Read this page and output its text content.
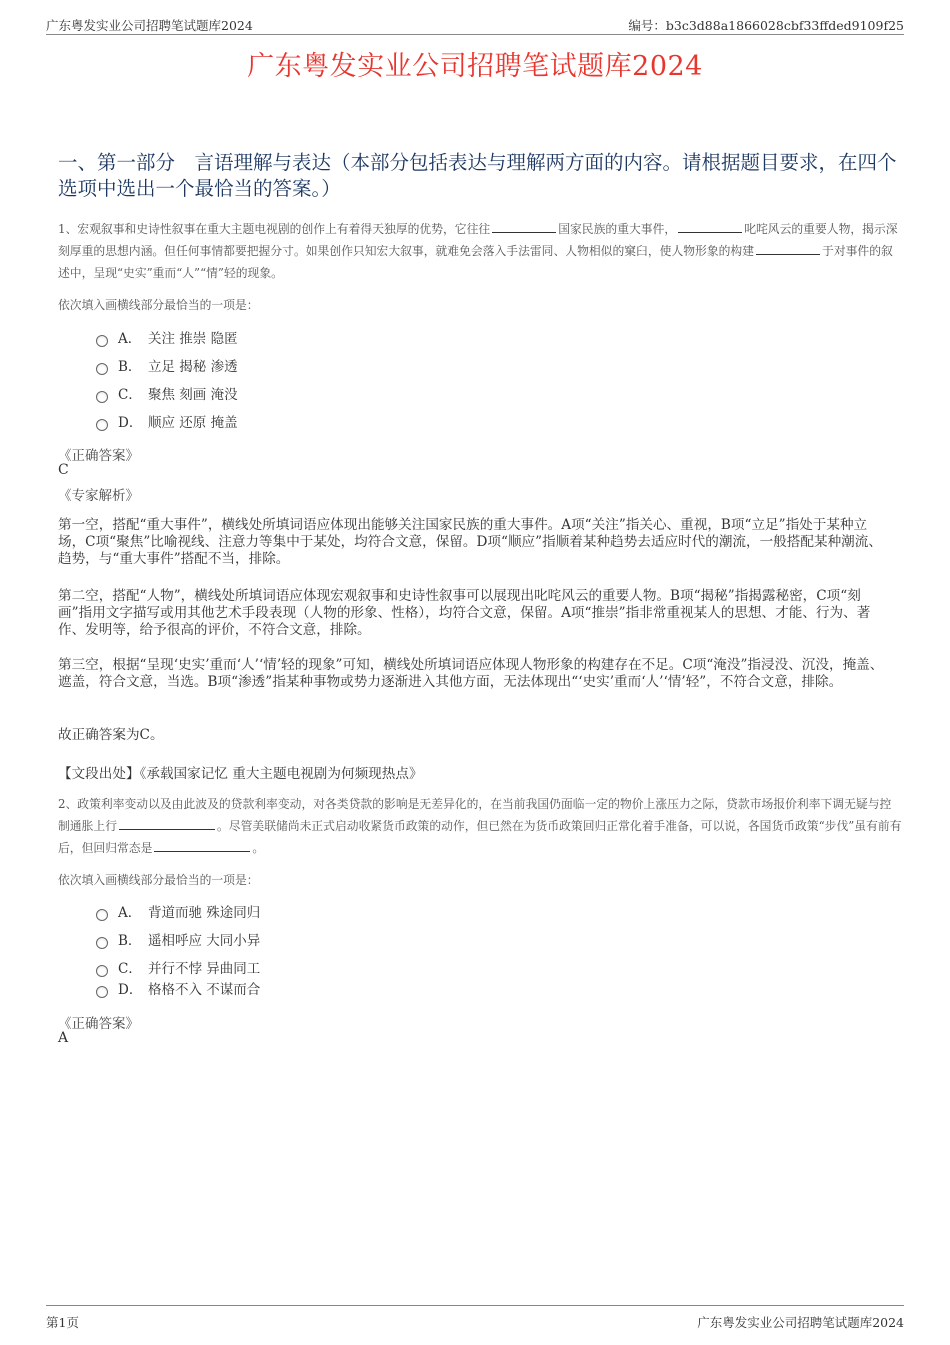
广东粤发实业公司招聘笔试题库2024	编号：b3c3d88a1866028cbf33ffded9109f25
广东粤发实业公司招聘笔试题库2024
一、第一部分　言语理解与表达（本部分包括表达与理解两方面的内容。请根据题目要求，在四个选项中选出一个最恰当的答案。）
1、宏观叙事和史诗性叙事在重大主题电视剧的创作上有着得天独厚的优势，它往往	国家民族的重大事件，	叱咤风云的重要人物，揭示深刻厚重的思想内涵。但任何事情都要把握分寸。如果创作只知宏大叙事，就难免会落入手法雷同、人物相似的窠臼，使人物形象的构建	于对事件的叙述中，呈现“史实”重而“人”“情”轻的现象。
依次填入画横线部分最恰当的一项是：
A． 关注 推崇 隐匿
B． 立足 揭秘 渗透
C． 聚焦 刻画 淹没
D． 顺应 还原 掩盖
《正确答案》
C
《专家解析》
第一空，搭配“重大事件”，横线处所填词语应体现出能够关注国家民族的重大事件。A项“关注”指关心、重视，B项“立足”指处于某种立场，C项“聚焦”比喻视线、注意力等集中于某处，均符合文意，保留。D项“顺应”指顺着某种趋势去适应时代的潮流，一般搭配某种潮流、趋势，与“重大事件”搭配不当，排除。
第二空，搭配“人物”，横线处所填词语应体现宏观叙事和史诗性叙事可以展现出叱咤风云的重要人物。B项“揭秘”指揭露秘密，C项“刻画”指用文字描写或用其他艺术手段表现（人物的形象、性格），均符合文意，保留。A项“推崇”指非常重视某人的思想、才能、行为、著作、发明等，给予很高的评价，不符合文意，排除。
第三空，根据“呈现‘史实’重而‘人’‘情’轻的现象”可知，横线处所填词语应体现人物形象的构建存在不足。C项“淹没”指浸没、沉没，掩盖、遮盖，符合文意，当选。B项“渗透”指某种事物或势力逐渐进入其他方面，无法体现出“‘史实’重而‘人’‘情’轻”，不符合文意，排除。
故正确答案为C。
【文段出处】《承载国家记忆 重大主题电视剧为何频现热点》
2、政策利率变动以及由此波及的贷款利率变动，对各类贷款的影响是无差异化的，在当前我国仍面临一定的物价上涨压力之际，贷款市场报价利率下调无疑与控制通胀上行	。尽管美联储尚未正式启动收紧货币政策的动作，但已然在为货币政策回归正常化着手准备，可以说，各国货币政策“步伐”虽有前有后，但回归常态是	。
依次填入画横线部分最恰当的一项是：
A． 背道而驰 殊途同归
B． 遥相呼应 大同小异
C． 并行不悖 异曲同工
D． 格格不入 不谋而合
《正确答案》
A
第1页	广东粤发实业公司招聘笔试题库2024
